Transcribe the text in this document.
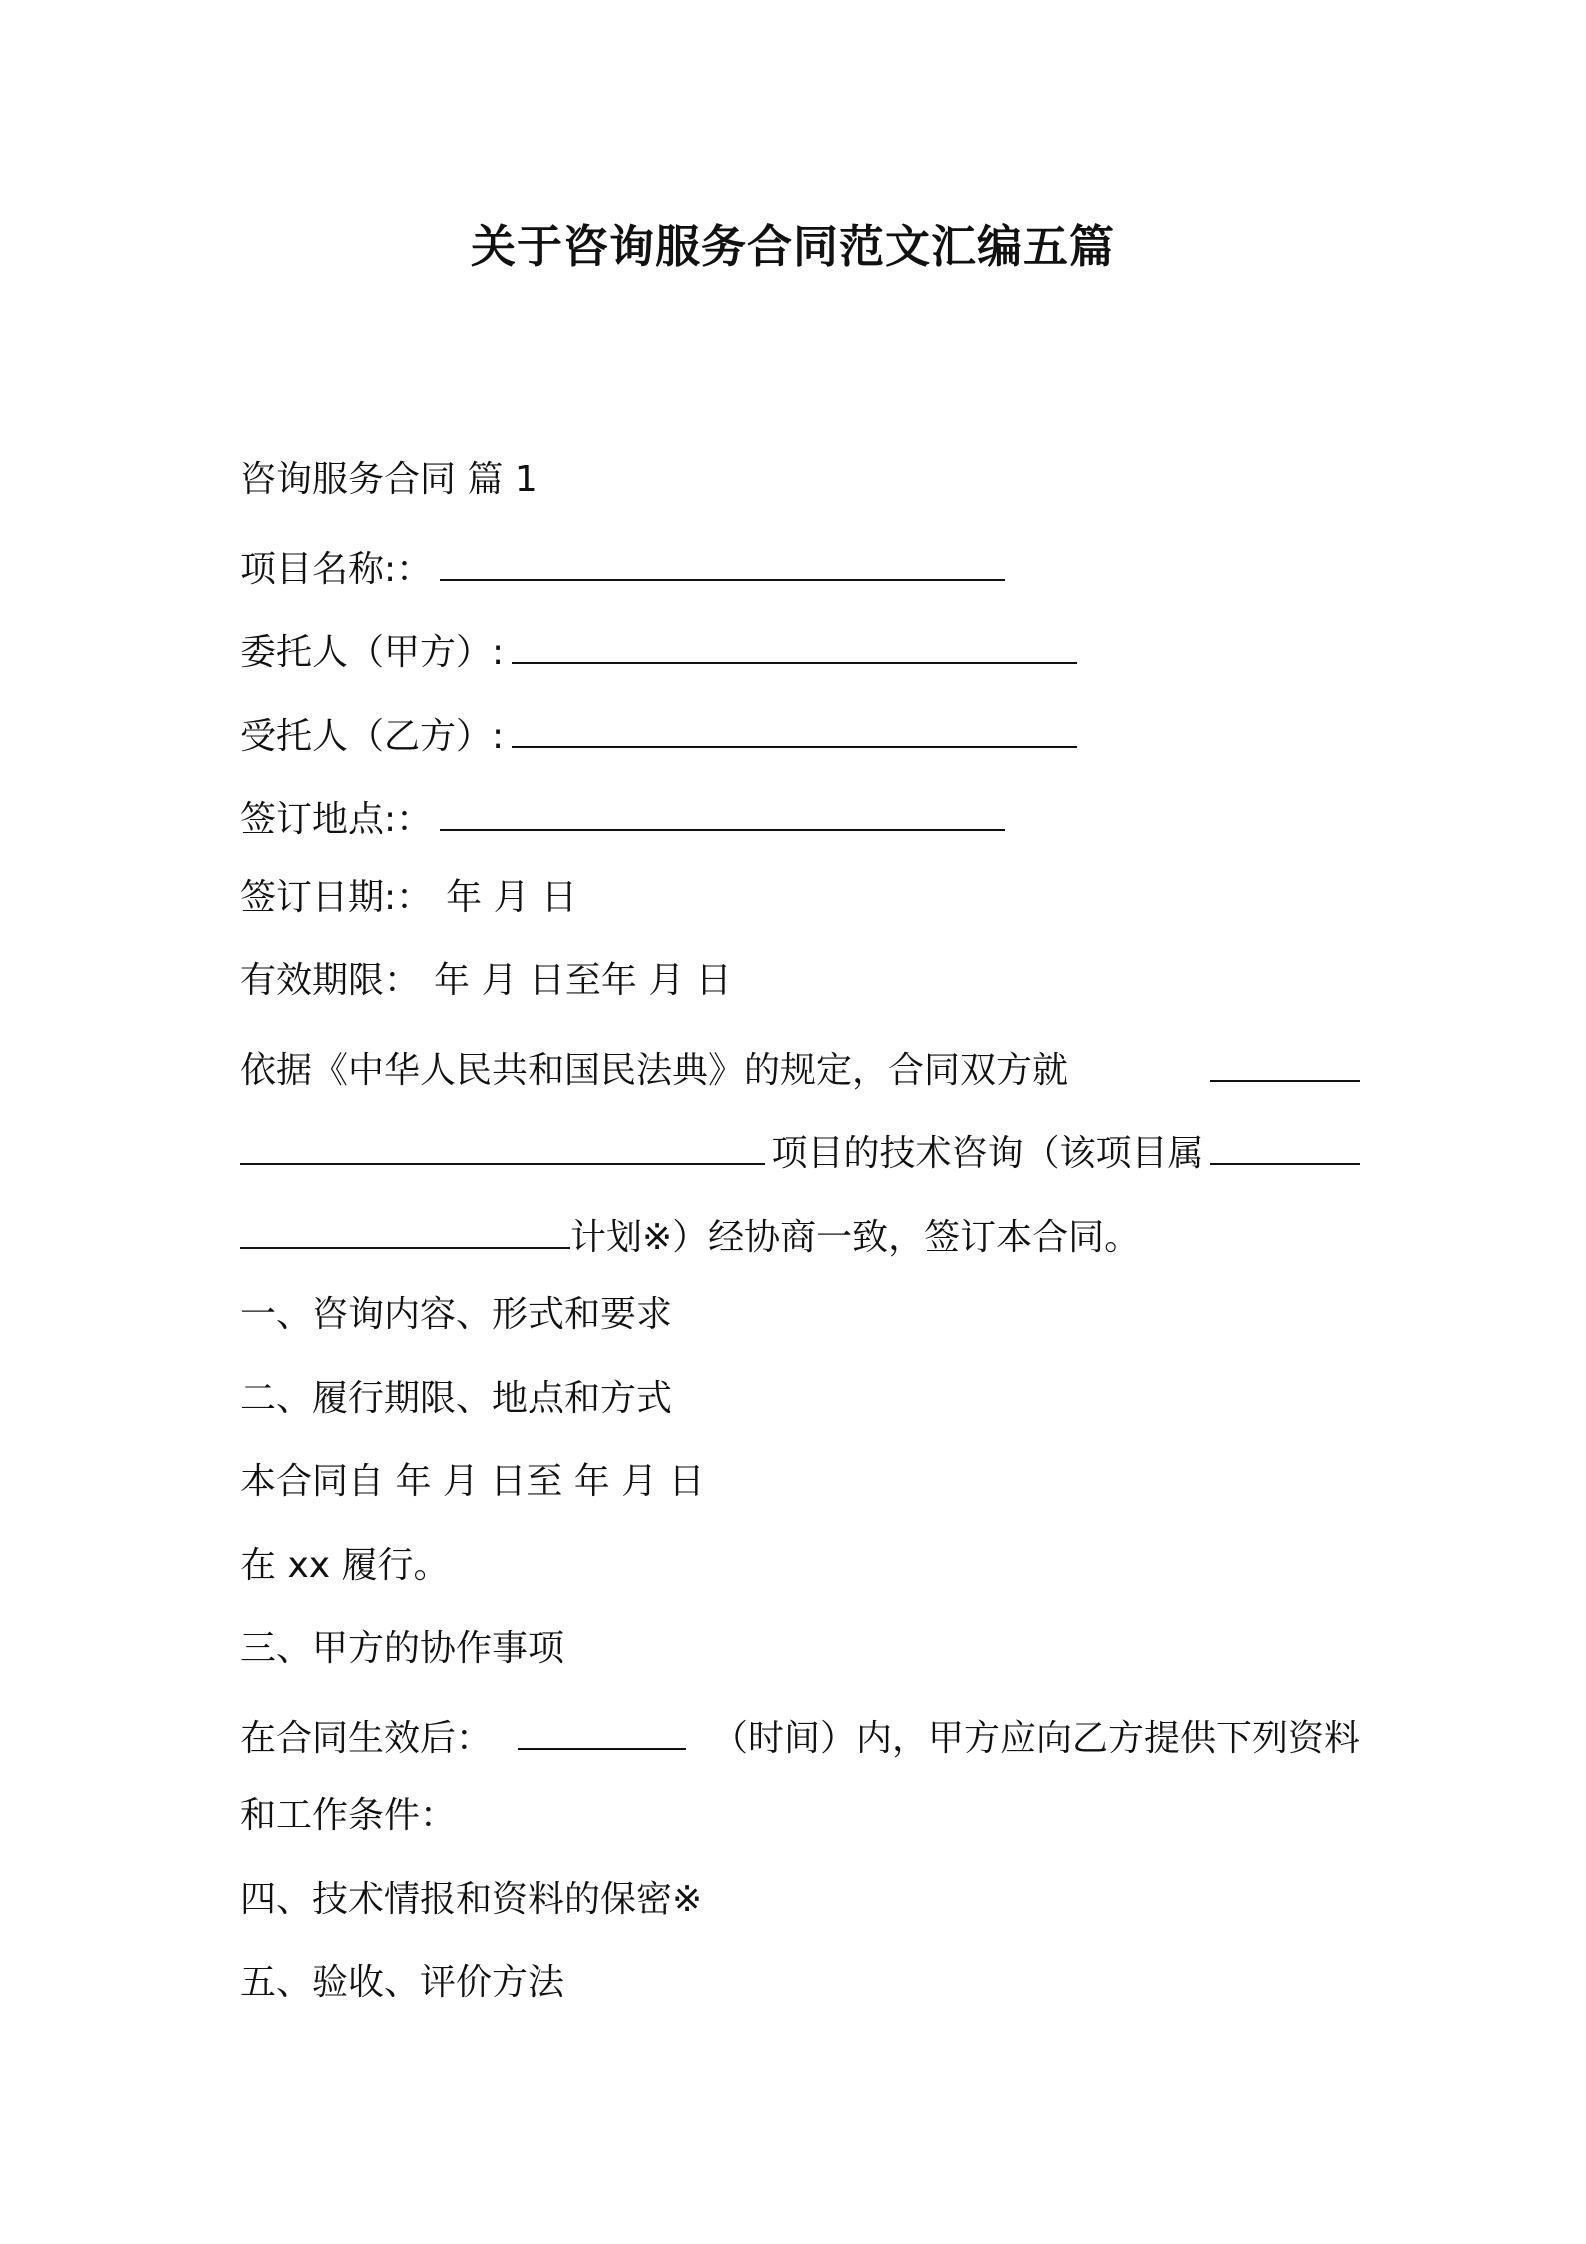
关于咨询服务合同范文汇编五篇
咨询服务合同 篇 1
项目名称:：
委托人（甲方）:
受托人（乙方）:
签订地点:：
签订日期:： 年 月 日
有效期限： 年 月 日至年 月 日
依据《中华人民共和国民法典》的规定，合同双方就
项目的技术咨询（该项目属
计划※）经协商一致，签订本合同。
一、咨询内容、形式和要求
二、履行期限、地点和方式
本合同自 年 月 日至 年 月 日
在 xx 履行。
三、甲方的协作事项
在合同生效后：	（时间）内，甲方应向乙方提供下列资料
和工作条件：
四、技术情报和资料的保密※
五、验收、评价方法
